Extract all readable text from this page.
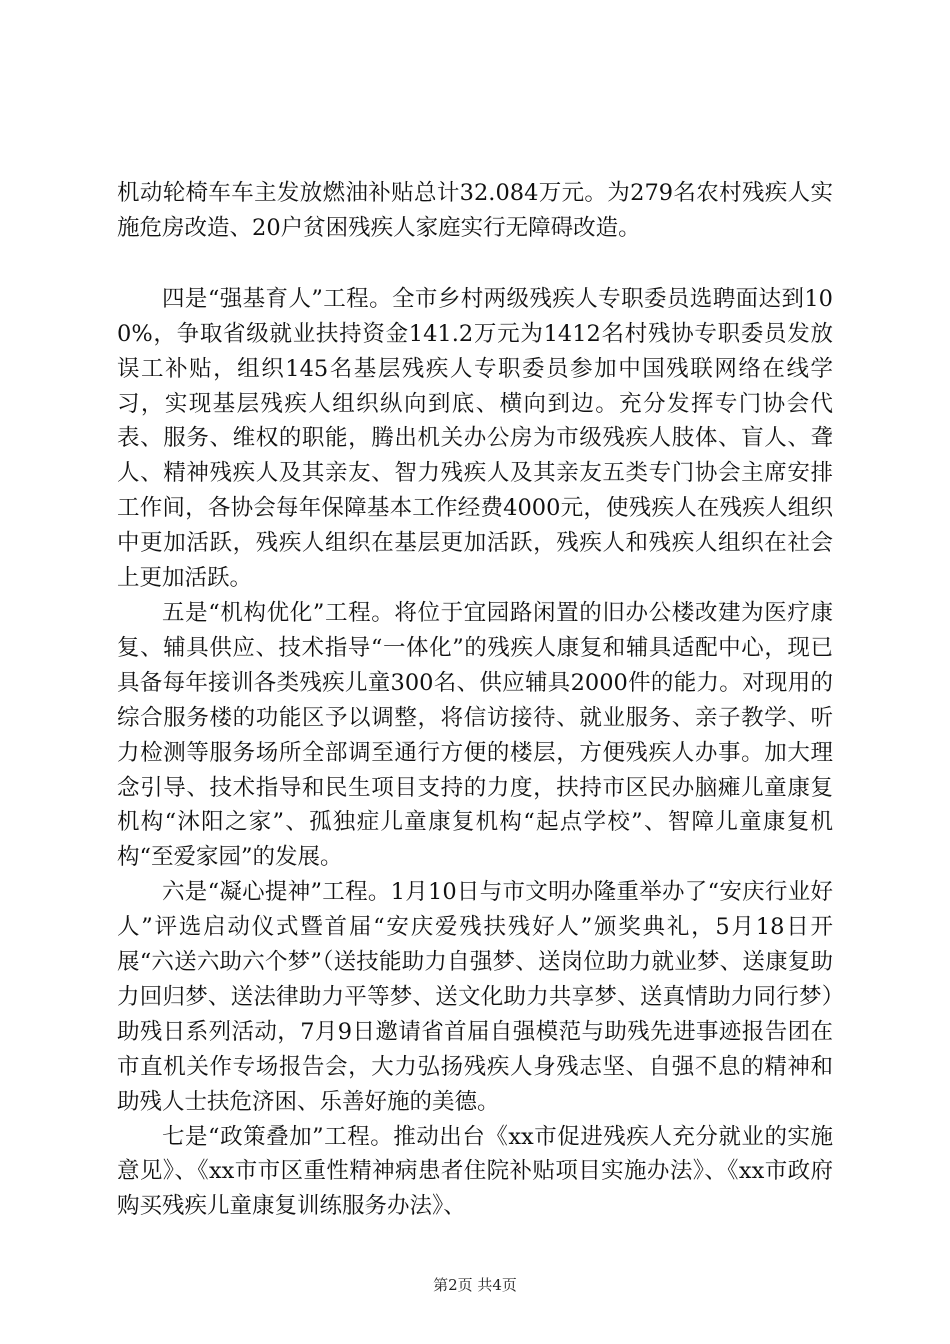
机动轮椅车车主发放燃油补贴总计32.084万元。为279名农村残疾人实施危房改造、20户贫困残疾人家庭实行无障碍改造。

四是“强基育人”工程。全市乡村两级残疾人专职委员选聘面达到100%，争取省级就业扶持资金141.2万元为1412名村残协专职委员发放误工补贴，组织145名基层残疾人专职委员参加中国残联网络在线学习，实现基层残疾人组织纵向到底、横向到边。充分发挥专门协会代表、服务、维权的职能，腾出机关办公房为市级残疾人肢体、盲人、聋人、精神残疾人及其亲友、智力残疾人及其亲友五类专门协会主席安排工作间，各协会每年保障基本工作经费4000元，使残疾人在残疾人组织中更加活跃，残疾人组织在基层更加活跃，残疾人和残疾人组织在社会上更加活跃。

五是“机构优化”工程。将位于宜园路闲置的旧办公楼改建为医疗康复、辅具供应、技术指导“一体化”的残疾人康复和辅具适配中心，现已具备每年接训各类残疾儿童300名、供应辅具2000件的能力。对现用的综合服务楼的功能区予以调整，将信访接待、就业服务、亲子教学、听力检测等服务场所全部调至通行方便的楼层，方便残疾人办事。加大理念引导、技术指导和民生项目支持的力度，扶持市区民办脑瘫儿童康复机构“沐阳之家”、孤独症儿童康复机构“起点学校”、智障儿童康复机构“至爱家园”的发展。

六是“凝心提神”工程。1月10日与市文明办隆重举办了“安庆行业好人”评选启动仪式暨首届“安庆爱残扶残好人”颁奖典礼，5月18日开展“六送六助六个梦”（送技能助力自强梦、送岗位助力就业梦、送康复助力回归梦、送法律助力平等梦、送文化助力共享梦、送真情助力同行梦）助残日系列活动，7月9日邀请省首届自强模范与助残先进事迹报告团在市直机关作专场报告会，大力弘扬残疾人身残志坚、自强不息的精神和助残人士扶危济困、乐善好施的美德。

七是“政策叠加”工程。推动出台《xx市促进残疾人充分就业的实施意见》、《xx市市区重性精神病患者住院补贴项目实施办法》、《xx市政府购买残疾儿童康复训练服务办法》、

第2页 共4页
